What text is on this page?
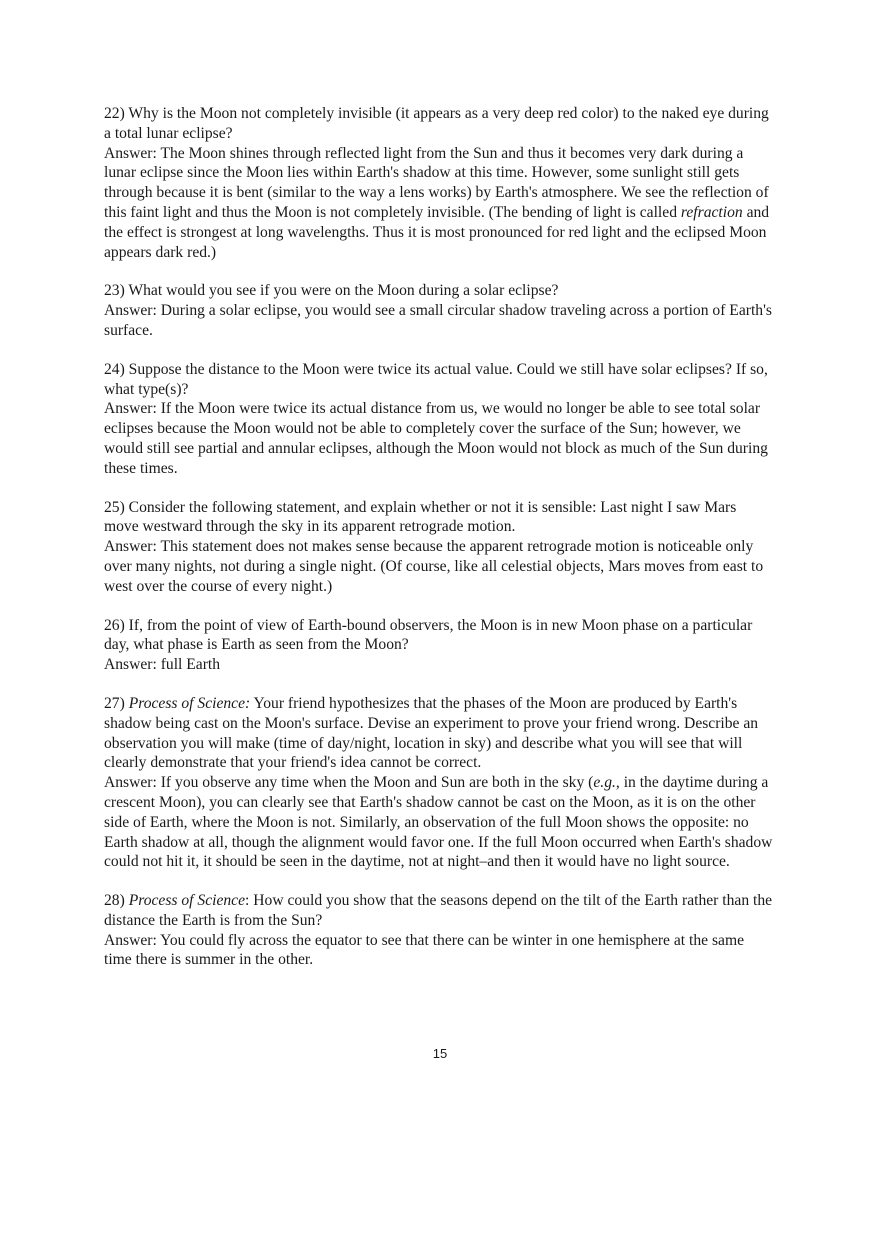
22) Why is the Moon not completely invisible (it appears as a very deep red color) to the naked eye during a total lunar eclipse?

Answer: The Moon shines through reflected light from the Sun and thus it becomes very dark during a lunar eclipse since the Moon lies within Earth's shadow at this time. However, some sunlight still gets through because it is bent (similar to the way a lens works) by Earth's atmosphere. We see the reflection of this faint light and thus the Moon is not completely invisible. (The bending of light is called refraction and the effect is strongest at long wavelengths. Thus it is most pronounced for red light and the eclipsed Moon appears dark red.)

23) What would you see if you were on the Moon during a solar eclipse?

Answer: During a solar eclipse, you would see a small circular shadow traveling across a portion of Earth's surface.

24) Suppose the distance to the Moon were twice its actual value. Could we still have solar eclipses? If so, what type(s)?

Answer: If the Moon were twice its actual distance from us, we would no longer be able to see total solar eclipses because the Moon would not be able to completely cover the surface of the Sun; however, we would still see partial and annular eclipses, although the Moon would not block as much of the Sun during these times.

25) Consider the following statement, and explain whether or not it is sensible: Last night I saw Mars move westward through the sky in its apparent retrograde motion.

Answer: This statement does not makes sense because the apparent retrograde motion is noticeable only over many nights, not during a single night. (Of course, like all celestial objects, Mars moves from east to west over the course of every night.)

26) If, from the point of view of Earth-bound observers, the Moon is in new Moon phase on a particular day, what phase is Earth as seen from the Moon?

Answer: full Earth

27) Process of Science: Your friend hypothesizes that the phases of the Moon are produced by Earth's shadow being cast on the Moon's surface. Devise an experiment to prove your friend wrong. Describe an observation you will make (time of day/night, location in sky) and describe what you will see that will clearly demonstrate that your friend's idea cannot be correct.

Answer: If you observe any time when the Moon and Sun are both in the sky (e.g., in the daytime during a crescent Moon), you can clearly see that Earth's shadow cannot be cast on the Moon, as it is on the other side of Earth, where the Moon is not. Similarly, an observation of the full Moon shows the opposite: no Earth shadow at all, though the alignment would favor one. If the full Moon occurred when Earth's shadow could not hit it, it should be seen in the daytime, not at night–and then it would have no light source.

28) Process of Science: How could you show that the seasons depend on the tilt of the Earth rather than the distance the Earth is from the Sun?

Answer: You could fly across the equator to see that there can be winter in one hemisphere at the same time there is summer in the other.

15
